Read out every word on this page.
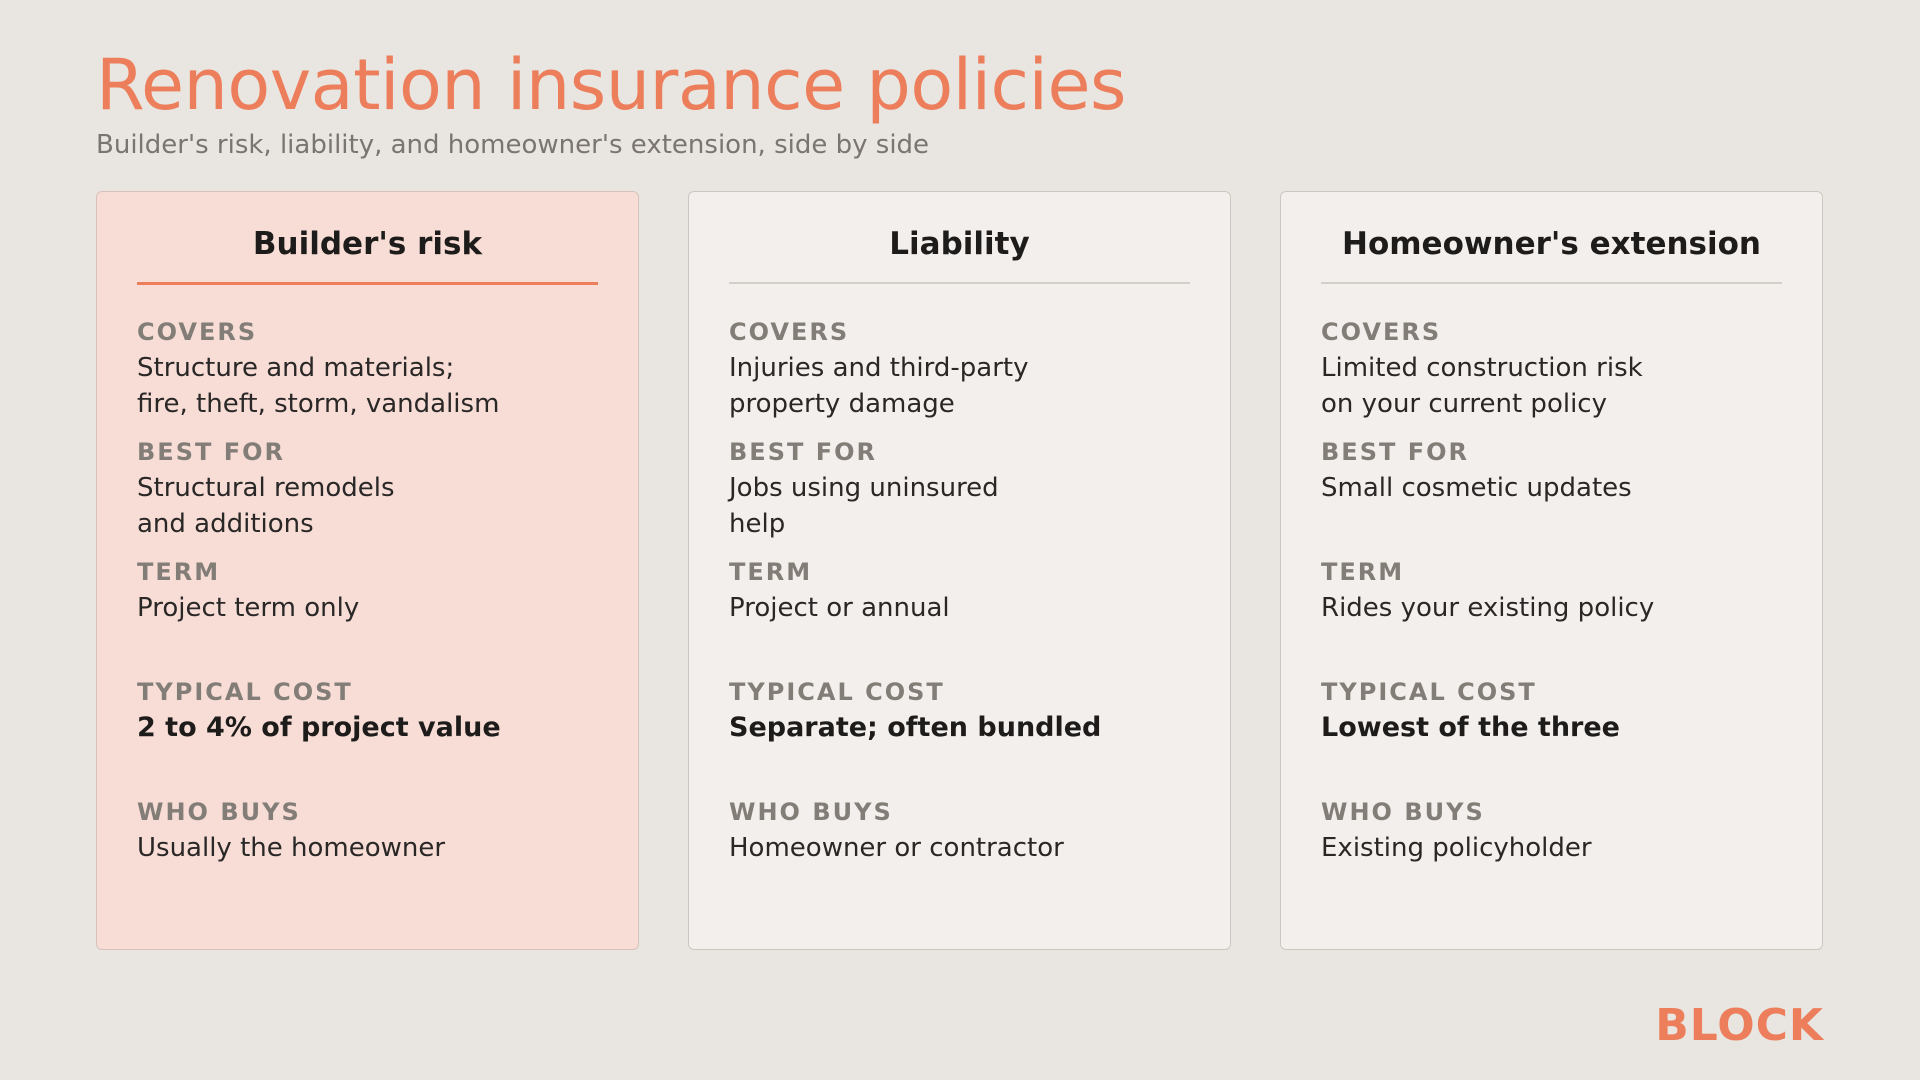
Renovation insurance policies
Builder's risk, liability, and homeowner's extension, side by side
Builder's risk
COVERS
Structure and materials;
fire, theft, storm, vandalism
BEST FOR
Structural remodels
and additions
TERM
Project term only
TYPICAL COST
2 to 4% of project value
WHO BUYS
Usually the homeowner
Liability
COVERS
Injuries and third-party
property damage
BEST FOR
Jobs using uninsured
help
TERM
Project or annual
TYPICAL COST
Separate; often bundled
WHO BUYS
Homeowner or contractor
Homeowner's extension
COVERS
Limited construction risk
on your current policy
BEST FOR
Small cosmetic updates
TERM
Rides your existing policy
TYPICAL COST
Lowest of the three
WHO BUYS
Existing policyholder
BLOCK
